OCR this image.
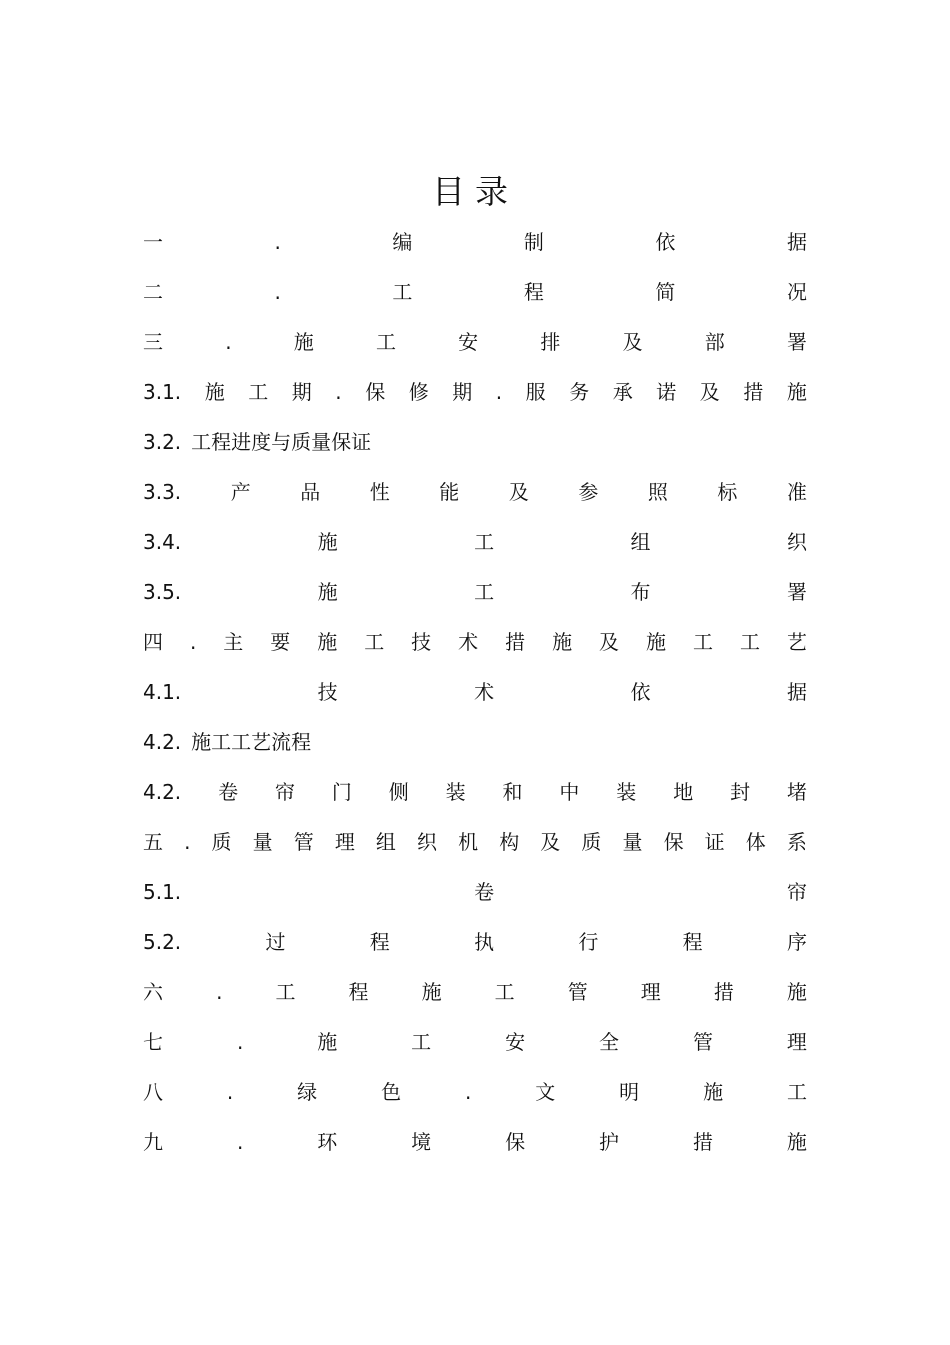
目录
一	.	编	制	依	据
二	.	工	程	简	况
三	.	施	工	安	排	及	部	署
3.1. 施 工 期 . 保 修 期 . 服 务 承 诺 及 措 施
3.2. 工程进度与质量保证
3.3. 产 品 性 能 及 参 照 标 准
3.4.	施	工	组	织
3.5.	施	工	布	署
四 . 主 要 施 工 技 术 措 施 及 施 工 工 艺
4.1.	技	术	依	据
4.2. 施工工艺流程
4.2. 卷 帘 门 侧 装 和 中 装 地 封 堵
五 . 质 量 管 理 组 织 机 构 及 质 量 保 证 体 系
5.1.	卷	帘
5.2.	过	程	执	行	程	序
六	.	工	程	施	工	管	理	措	施
七	.	施	工	安	全	管	理
八	.	绿	色	.	文	明	施	工
九	.	环	境	保	护	措	施
